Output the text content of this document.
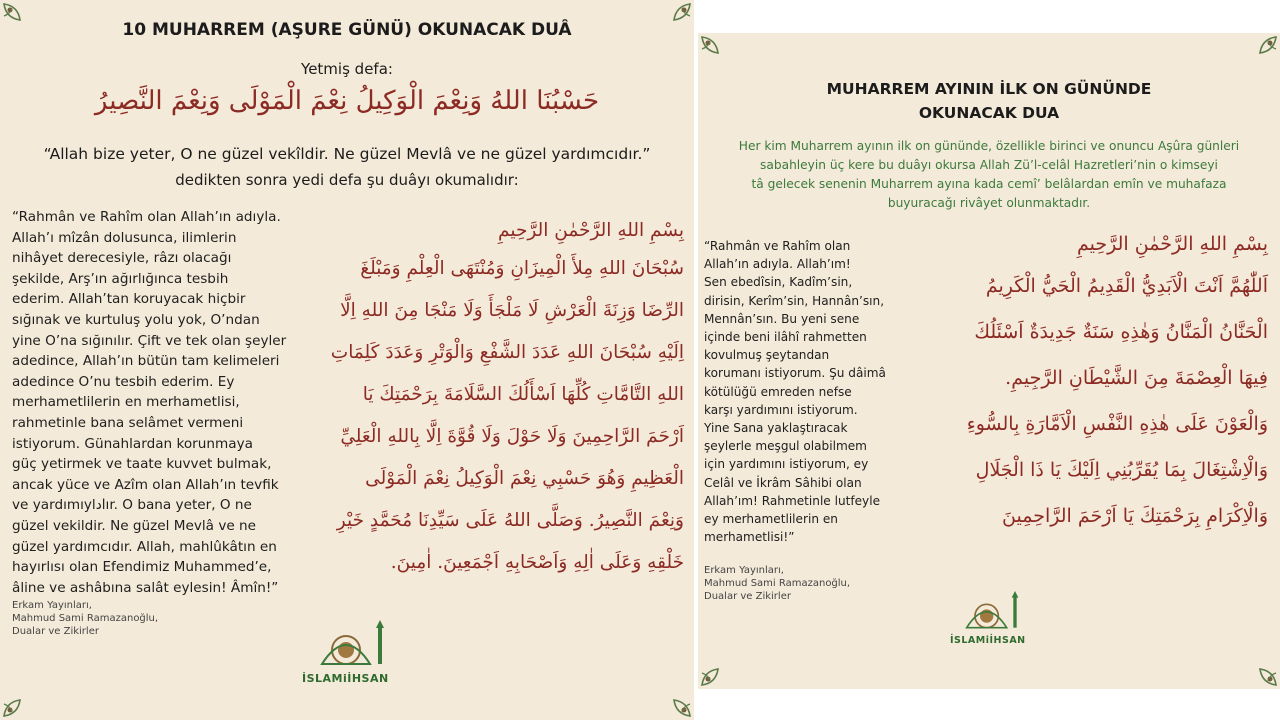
10 MUHARREM (AŞURE GÜNÜ) OKUNACAK DUÂ
Yetmiş defa:
حَسْبُنَا اللهُ وَنِعْمَ الْوَكِيلُ نِعْمَ الْمَوْلَى وَنِعْمَ النَّصِيرُ
“Allah bize yeter, O ne güzel vekîldir. Ne güzel Mevlâ ve ne güzel yardımcıdır.”
dedikten sonra yedi defa şu duâyı okumalıdır:
“Rahmân ve Rahîm olan Allah’ın adıyla.
Allah’ı mîzân dolusunca, ilimlerin
nihâyet derecesiyle, râzı olacağı
şekilde, Arş’ın ağırlığınca tesbih
ederim. Allah’tan koruyacak hiçbir
sığınak ve kurtuluş yolu yok, O’ndan
yine O’na sığınılır. Çift ve tek olan şeyler
adedince, Allah’ın bütün tam kelimeleri
adedince O’nu tesbih ederim. Ey
merhametlilerin en merhametlisi,
rahmetinle bana selâmet vermeni
istiyorum. Günahlardan korunmaya
güç yetirmek ve taate kuvvet bulmak,
ancak yüce ve Azîm olan Allah’ın tevfik
ve yardımıylادır. O bana yeter, O ne
güzel vekildir. Ne güzel Mevlâ ve ne
güzel yardımcıdır. Allah, mahlûkâtın en
hayırlısı olan Efendimiz Muhammed’e,
âline ve ashâbına salât eylesin! Âmîn!”
Erkam Yayınları,
Mahmud Sami Ramazanoğlu,
Dualar ve Zikirler
بِسْمِ اللهِ الرَّحْمٰنِ الرَّحِيمِ
سُبْحَانَ اللهِ مِلأَ الْمِيزَانِ وَمُنْتَهَى الْعِلْمِ وَمَبْلَغَ
الرِّضَا وَزِنَةَ الْعَرْشِ لَا مَلْجَأَ وَلَا مَنْجَا مِنَ اللهِ اِلَّا
اِلَيْهِ سُبْحَانَ اللهِ عَدَدَ الشَّفْعِ وَالْوَتْرِ وَعَدَدَ كَلِمَاتِ
اللهِ التَّامَّاتِ كُلِّهَا اَسْأَلُكَ السَّلَامَةَ بِرَحْمَتِكَ يَا
اَرْحَمَ الرَّاحِمِينَ وَلَا حَوْلَ وَلَا قُوَّةَ اِلَّا بِاللهِ الْعَلِيِّ
الْعَظِيمِ وَهُوَ حَسْبِي نِعْمَ الْوَكِيلُ نِعْمَ الْمَوْلَى
وَنِعْمَ النَّصِيرُ. وَصَلَّى اللهُ عَلَى سَيِّدِنَا مُحَمَّدٍ خَيْرِ
خَلْقِهِ وَعَلَى اٰلِهِ وَاَصْحَابِهِ اَجْمَعِينَ. اٰمِينَ.
İSLAMiİHSAN
MUHARREM AYININ İLK ON GÜNÜNDE
OKUNACAK DUA
Her kim Muharrem ayının ilk on gününde, özellikle birinci ve onuncu Aşûra günleri
sabahleyin üç kere bu duâyı okursa Allah Zü’l-celâl Hazretleri’nin o kimseyi
tâ gelecek senenin Muharrem ayına kada cemî’ belâlardan emîn ve muhafaza
buyuracağı rivâyet olunmaktadır.
“Rahmân ve Rahîm olan
Allah’ın adıyla. Allah’ım!
Sen ebedîsin, Kadîm’sin,
dirisin, Kerîm’sin, Hannân’sın,
Mennân’sın. Bu yeni sene
içinde beni ilâhî rahmetten
kovulmuş şeytandan
korumanı istiyorum. Şu dâimâ
kötülüğü emreden nefse
karşı yardımını istiyorum.
Yine Sana yaklaştıracak
şeylerle meşgul olabilmem
için yardımını istiyorum, ey
Celâl ve İkrâm Sâhibi olan
Allah’ım! Rahmetinle lutfeyle
ey merhametlilerin en
merhametlisi!”
Erkam Yayınları,
Mahmud Sami Ramazanoğlu,
Dualar ve Zikirler
بِسْمِ اللهِ الرَّحْمٰنِ الرَّحِيمِ
اَللّٰهُمَّ اَنْتَ الْاَبَدِيُّ الْقَدِيمُ الْحَيُّ الْكَرِيمُ
الْحَنَّانُ الْمَنَّانُ وَهٰذِهِ سَنَةٌ جَدِيدَةٌ اَسْئَلُكَ
فِيهَا الْعِصْمَةَ مِنَ الشَّيْطَانِ الرَّجِيمِ.
وَالْعَوْنَ عَلَى هٰذِهِ النَّفْسِ الْاَمَّارَةِ بِالسُّوءِ
وَالْاِشْتِغَالَ بِمَا يُقَرِّبُنِي اِلَيْكَ يَا ذَا الْجَلَالِ
وَالْاِكْرَامِ بِرَحْمَتِكَ يَا اَرْحَمَ الرَّاحِمِينَ
İSLAMiİHSAN
